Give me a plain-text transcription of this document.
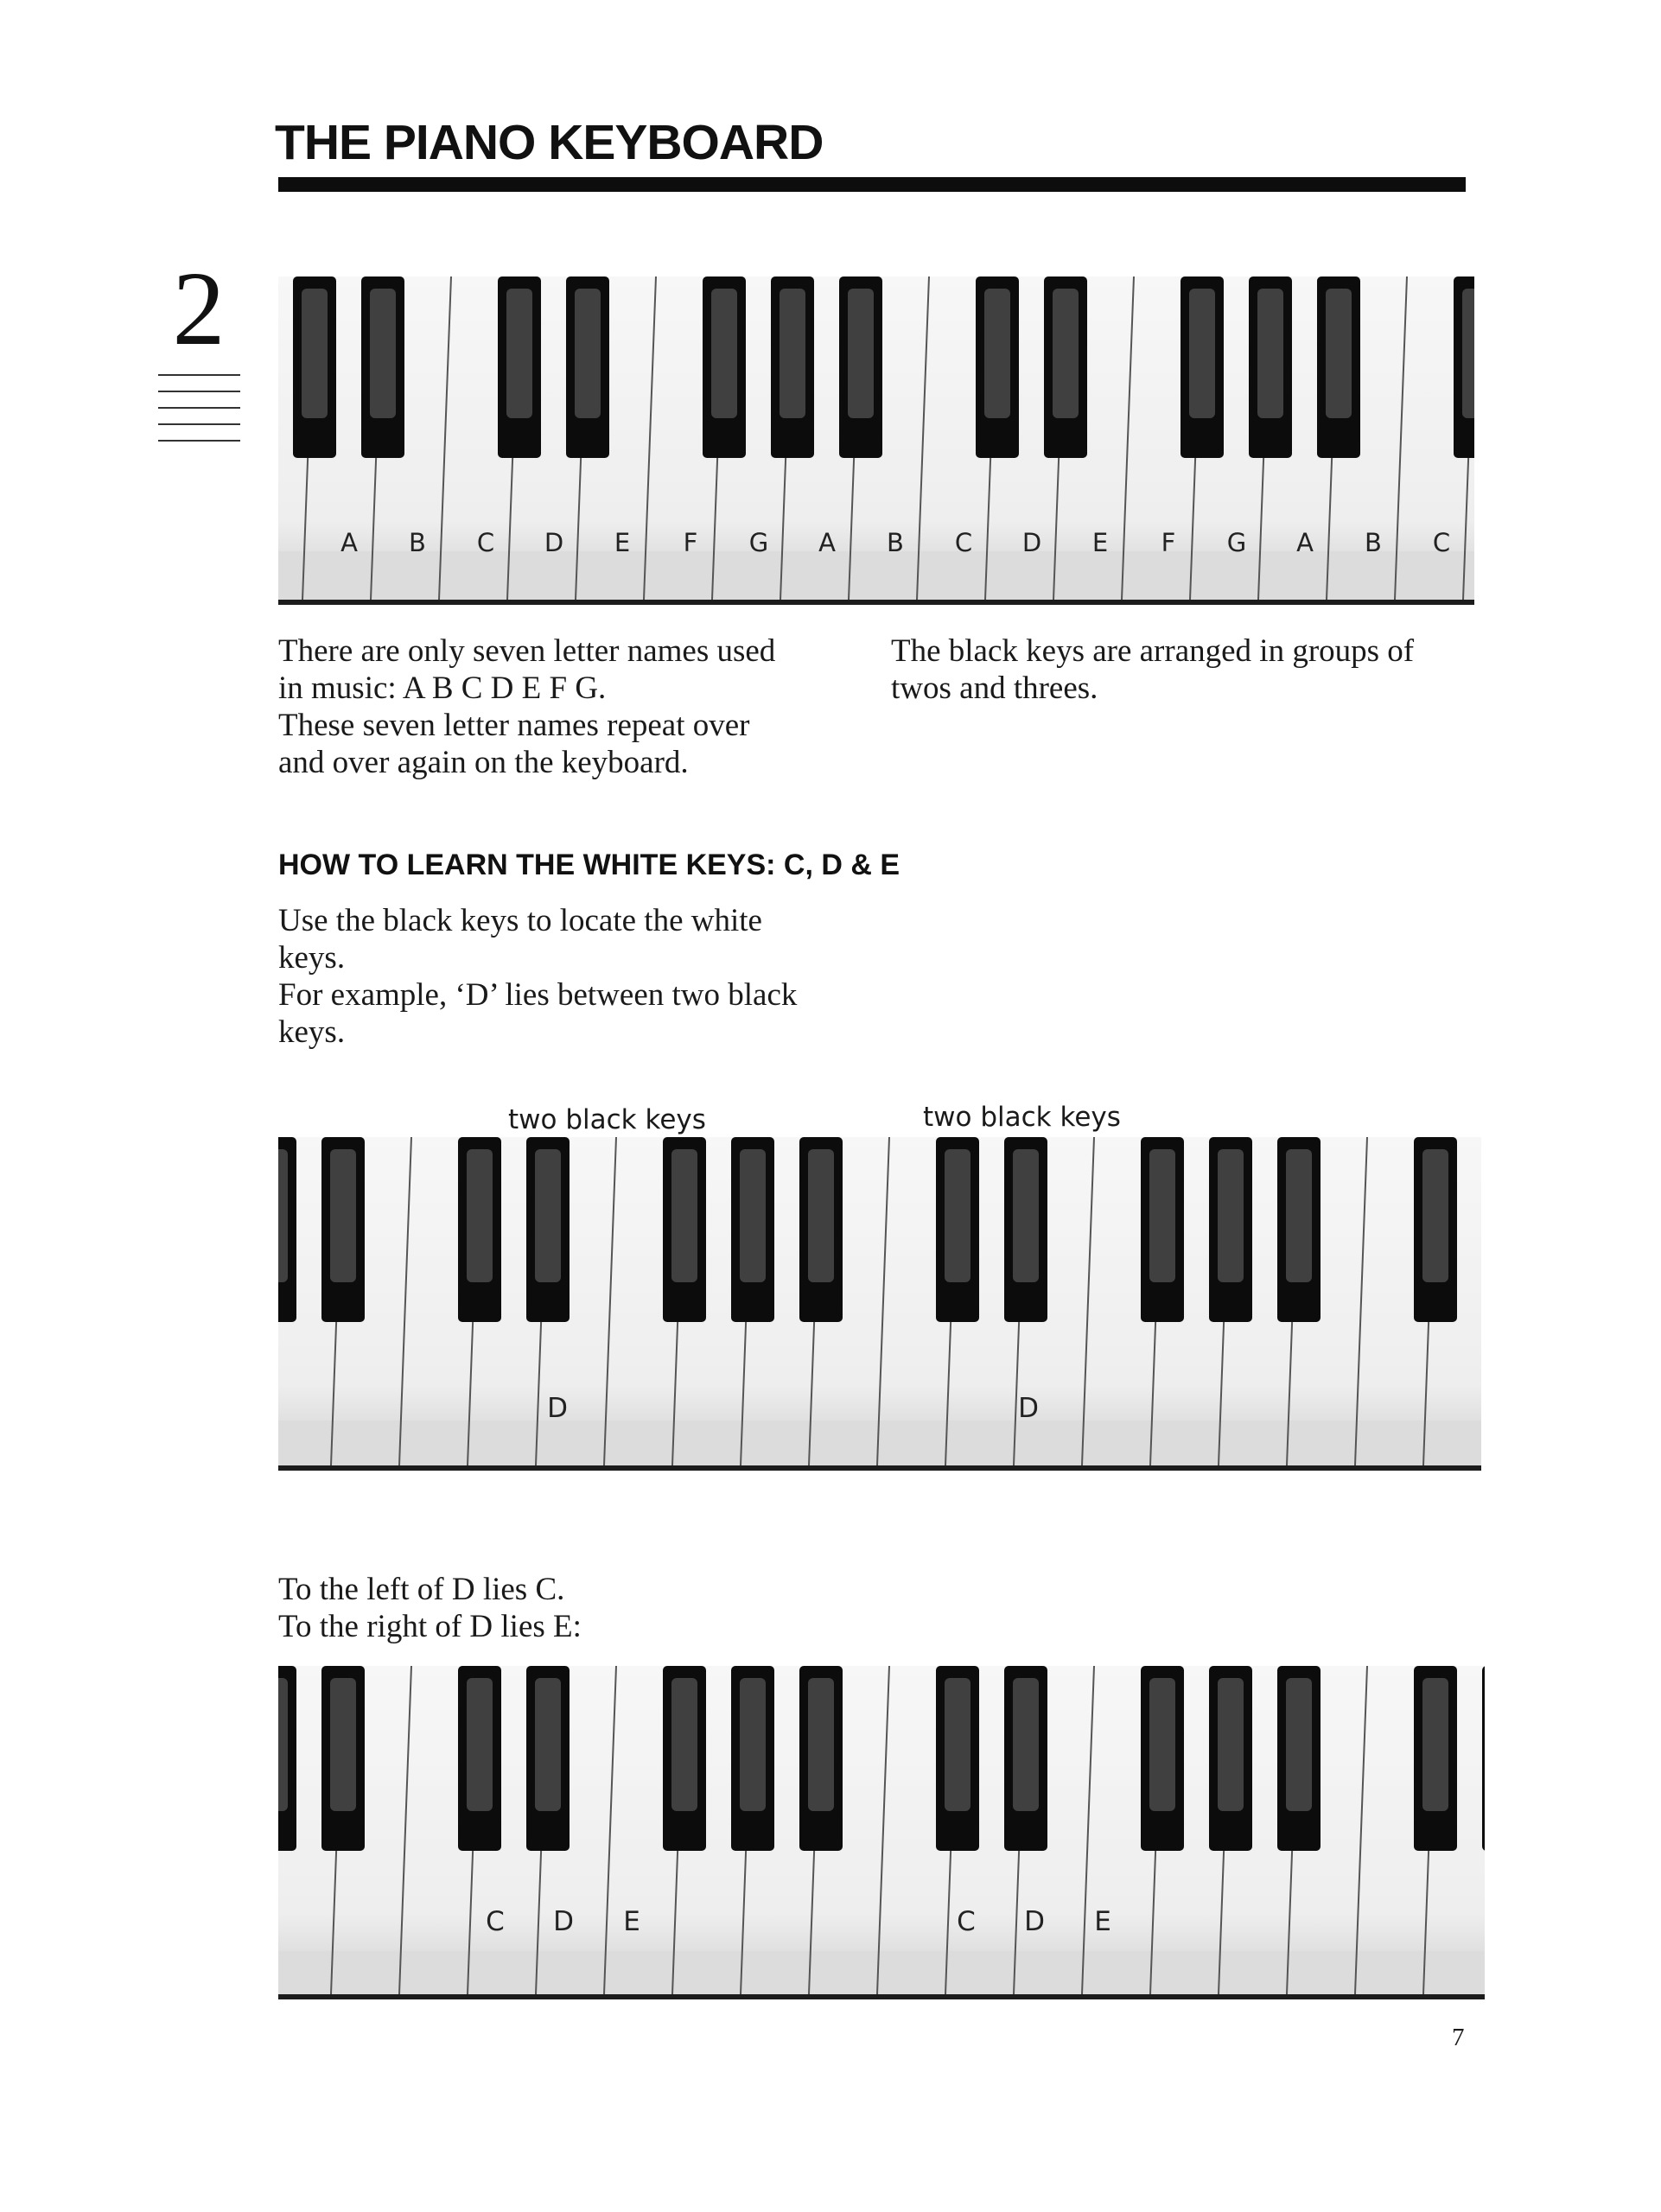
THE PIANO KEYBOARD
2
A B C D E F G A B C D E F G A B C

There are only seven letter names used
in music: A B C D E F G.
These seven letter names repeat over
and over again on the keyboard.

The black keys are arranged in groups of
twos and threes.

HOW TO LEARN THE WHITE KEYS: C, D & E

Use the black keys to locate the white
keys.
For example, ‘D’ lies between two black
keys.

two black keys	two black keys
D	D

To the left of D lies C.
To the right of D lies E:

C D E	C D E
7
